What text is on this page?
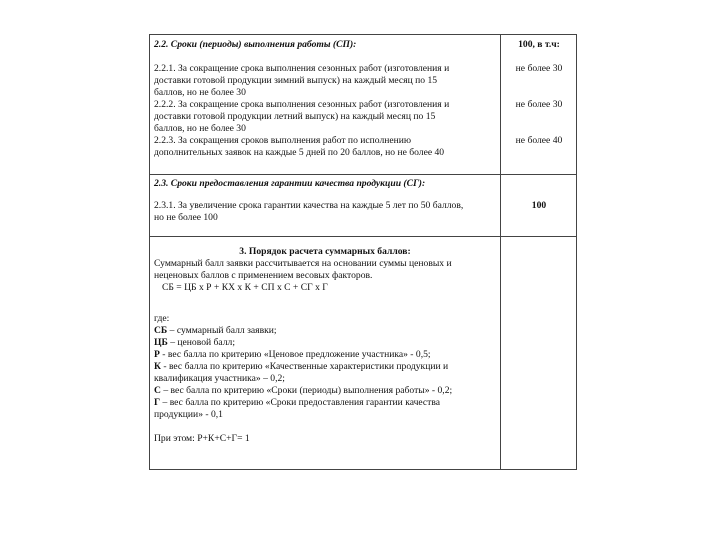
2.2. Сроки (периоды) выполнения работы (СП):	100, в т.ч:
2.2.1. За сокращение срока выполнения сезонных работ (изготовления и
доставки готовой продукции зимний выпуск) на каждый месяц по 15
баллов, но не более 30
не более 30
2.2.2. За сокращение срока выполнения сезонных работ (изготовления и
доставки готовой продукции летний выпуск) на каждый месяц по 15
баллов, но не более 30
не более 30
2.2.3. За сокращения сроков выполнения работ по исполнению
дополнительных заявок на каждые 5 дней по 20 баллов, но не более 40
не более 40
2.3. Сроки предоставления гарантии качества продукции (СГ):
2.3.1. За увеличение срока гарантии качества на каждые 5 лет по 50 баллов,
но не более 100
100
3. Порядок расчета суммарных баллов:
Суммарный балл заявки рассчитывается на основании суммы ценовых и
неценовых баллов с применением весовых факторов.
СБ = ЦБ х Р + КХ х К + СП х С + СГ х Г
где:
СБ – суммарный балл заявки;
ЦБ – ценовой балл;
Р - вес балла по критерию «Ценовое предложение участника» - 0,5;
К - вес балла по критерию «Качественные характеристики продукции и
квалификация участника» – 0,2;
С – вес балла по критерию «Сроки (периоды) выполнения работы» - 0,2;
Г – вес балла по критерию «Сроки предоставления гарантии качества
продукции» - 0,1
При этом: Р+К+С+Г= 1
